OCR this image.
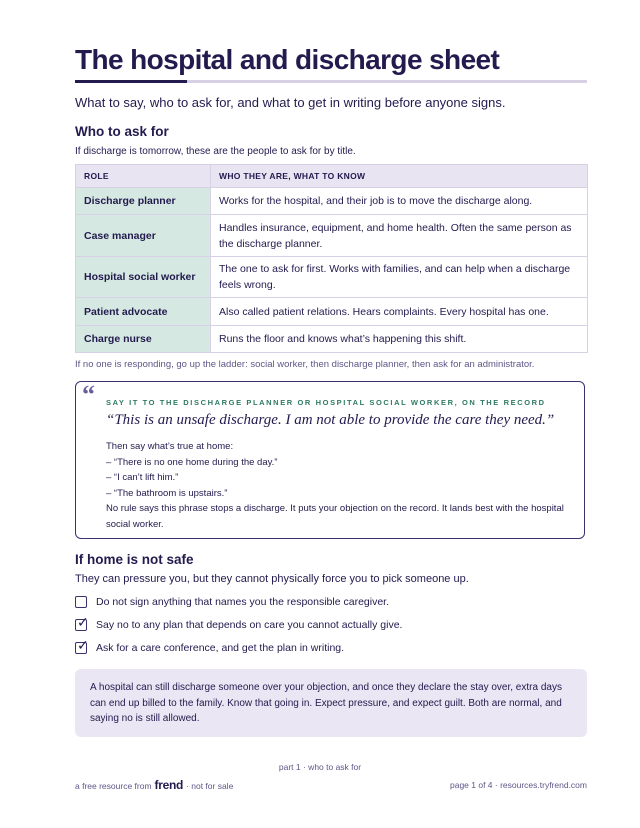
The hospital and discharge sheet
What to say, who to ask for, and what to get in writing before anyone signs.
Who to ask for
If discharge is tomorrow, these are the people to ask for by title.
ROLE	WHO THEY ARE, WHAT TO KNOW
Discharge planner	Works for the hospital, and their job is to move the discharge along.
Case manager	Handles insurance, equipment, and home health. Often the same person as the discharge planner.
Hospital social worker	The one to ask for first. Works with families, and can help when a discharge feels wrong.
Patient advocate	Also called patient relations. Hears complaints. Every hospital has one.
Charge nurse	Runs the floor and knows what’s happening this shift.
If no one is responding, go up the ladder: social worker, then discharge planner, then ask for an administrator.
“ SAY IT TO THE DISCHARGE PLANNER OR HOSPITAL SOCIAL WORKER, ON THE RECORD
“This is an unsafe discharge. I am not able to provide the care they need.”
Then say what’s true at home:
– “There is no one home during the day.”
– “I can’t lift him.”
– “The bathroom is upstairs.”
No rule says this phrase stops a discharge. It puts your objection on the record. It lands best with the hospital social worker.
If home is not safe
They can pressure you, but they cannot physically force you to pick someone up.
Do not sign anything that names you the responsible caregiver.
✓ Say no to any plan that depends on care you cannot actually give.
✓ Ask for a care conference, and get the plan in writing.
A hospital can still discharge someone over your objection, and once they declare the stay over, extra days can end up billed to the family. Know that going in. Expect pressure, and expect guilt. Both are normal, and saying no is still allowed.
part 1 · who to ask for
a free resource from frend · not for sale	page 1 of 4 · resources.tryfrend.com
